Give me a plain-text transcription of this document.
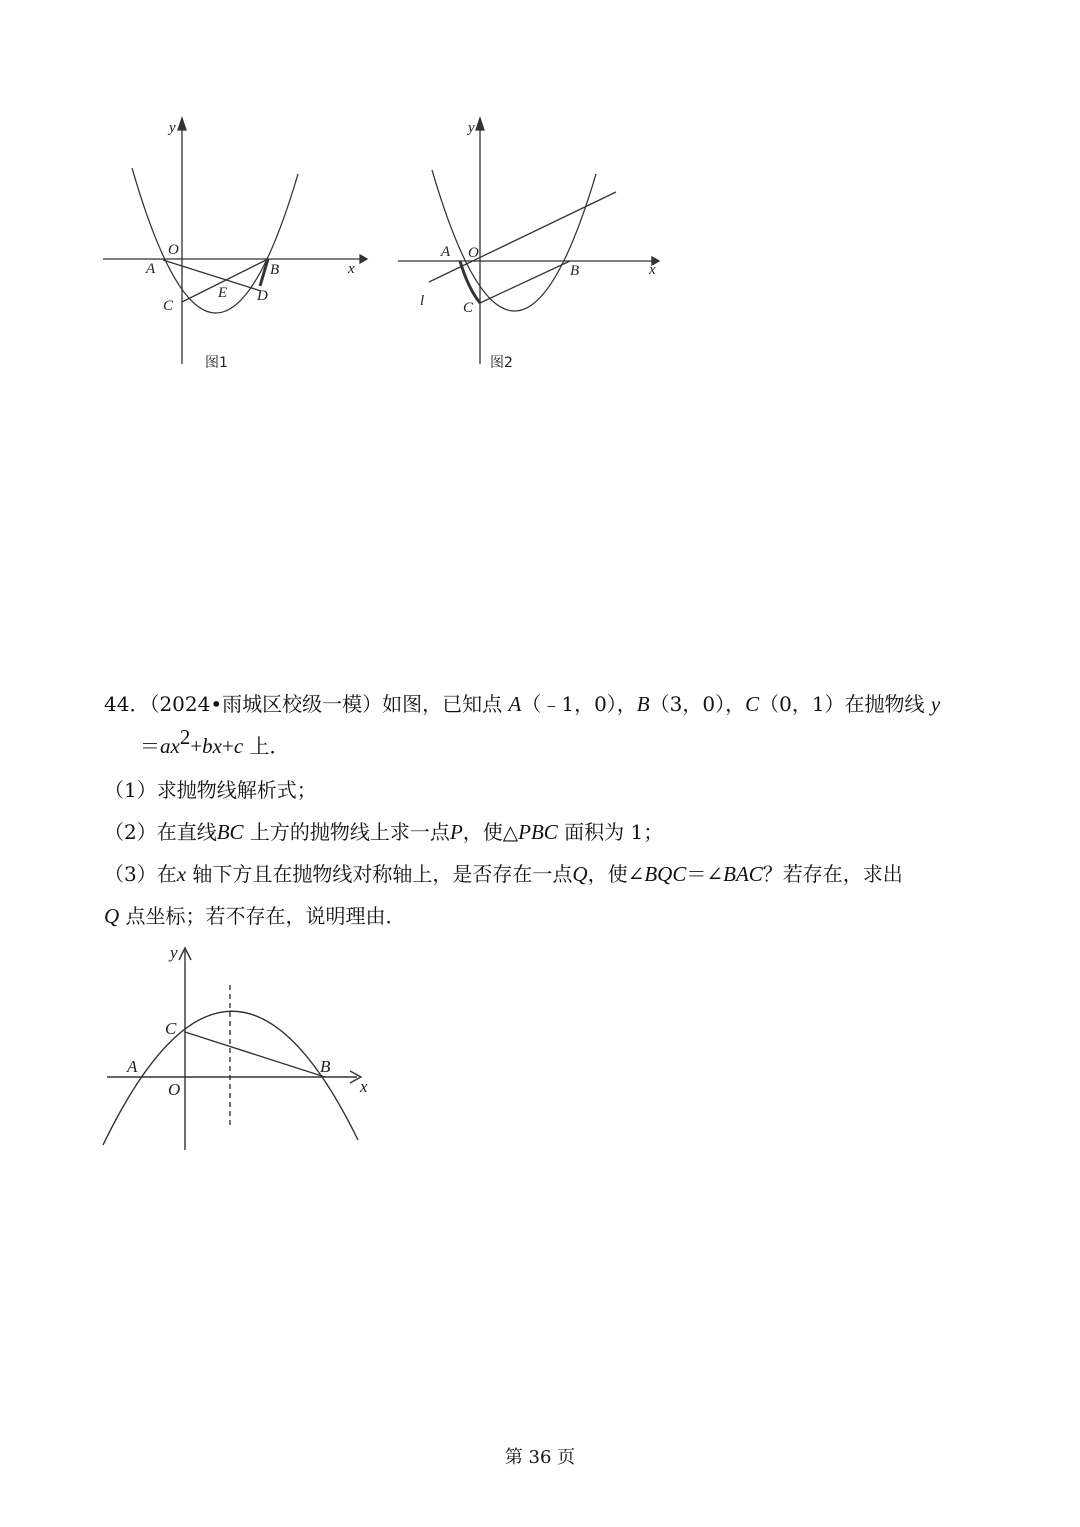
y
x
O
A	B
C
E D
图1
y
x
O
A
B
C
l
图2
44．（2024•雨城区校级一模）如图，已知点 A（﹣1，0），B（3，0），C（0，1）在抛物线 y
$=ax^2+bx+c$ 上．
（1）求抛物线解析式；
（2）在直线BC 上方的抛物线上求一点P，使△PBC 面积为 1；
（3）在x 轴下方且在抛物线对称轴上，是否存在一点Q，使∠BQC＝∠BAC？若存在，求出
Q 点坐标；若不存在，说明理由．
y
x
C
A
O
B
第 36 页
